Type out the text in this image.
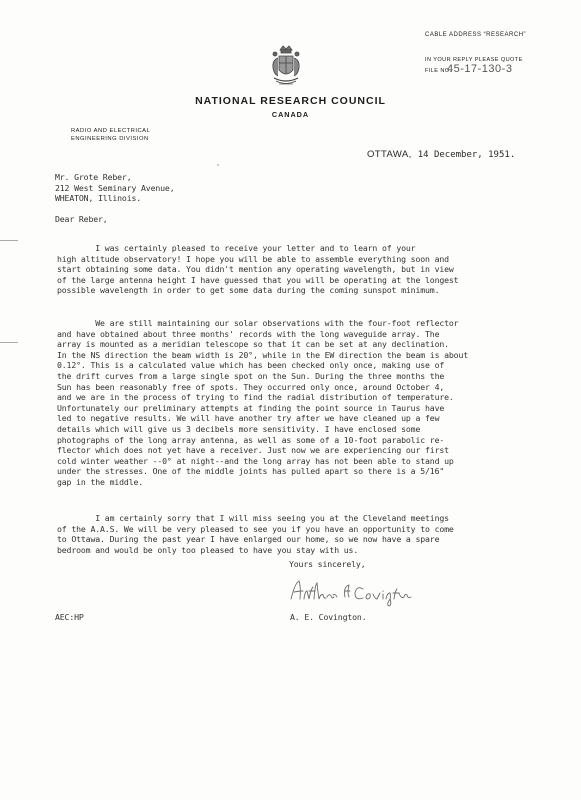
CABLE ADDRESS “RESEARCH”
IN YOUR REPLY PLEASE QUOTE
FILE NO.
45-17-130-3
NATIONAL RESEARCH COUNCIL
CANADA
RADIO AND ELECTRICAL
ENGINEERING DIVISION
OTTAWA, 14 December, 1951.
Mr. Grote Reber,
212 West Seminary Avenue,
WHEATON, Illinois.
Dear Reber,
I was certainly pleased to receive your letter and to learn of your
high altitude observatory! I hope you will be able to assemble everything soon and
start obtaining some data. You didn't mention any operating wavelength, but in view
of the large antenna height I have guessed that you will be operating at the longest
possible wavelength in order to get some data during the coming sunspot minimum.
We are still maintaining our solar observations with the four-foot reflector
and have obtained about three months' records with the long waveguide array. The
array is mounted as a meridian telescope so that it can be set at any declination.
In the NS direction the beam width is 20°, while in the EW direction the beam is about
0.12°. This is a calculated value which has been checked only once, making use of
the drift curves from a large single spot on the Sun. During the three months the
Sun has been reasonably free of spots. They occurred only once, around October 4,
and we are in the process of trying to find the radial distribution of temperature.
Unfortunately our preliminary attempts at finding the point source in Taurus have
led to negative results. We will have another try after we have cleaned up a few
details which will give us 3 decibels more sensitivity. I have enclosed some
photographs of the long array antenna, as well as some of a 10-foot parabolic re-
flector which does not yet have a receiver. Just now we are experiencing our first
cold winter weather --0° at night--and the long array has not been able to stand up
under the stresses. One of the middle joints has pulled apart so there is a 5/16"
gap in the middle.
I am certainly sorry that I will miss seeing you at the Cleveland meetings
of the A.A.S. We will be very pleased to see you if you have an opportunity to come
to Ottawa. During the past year I have enlarged our home, so we now have a spare
bedroom and would be only too pleased to have you stay with us.
Yours sincerely,
A. E. Covington.
AEC:HP
